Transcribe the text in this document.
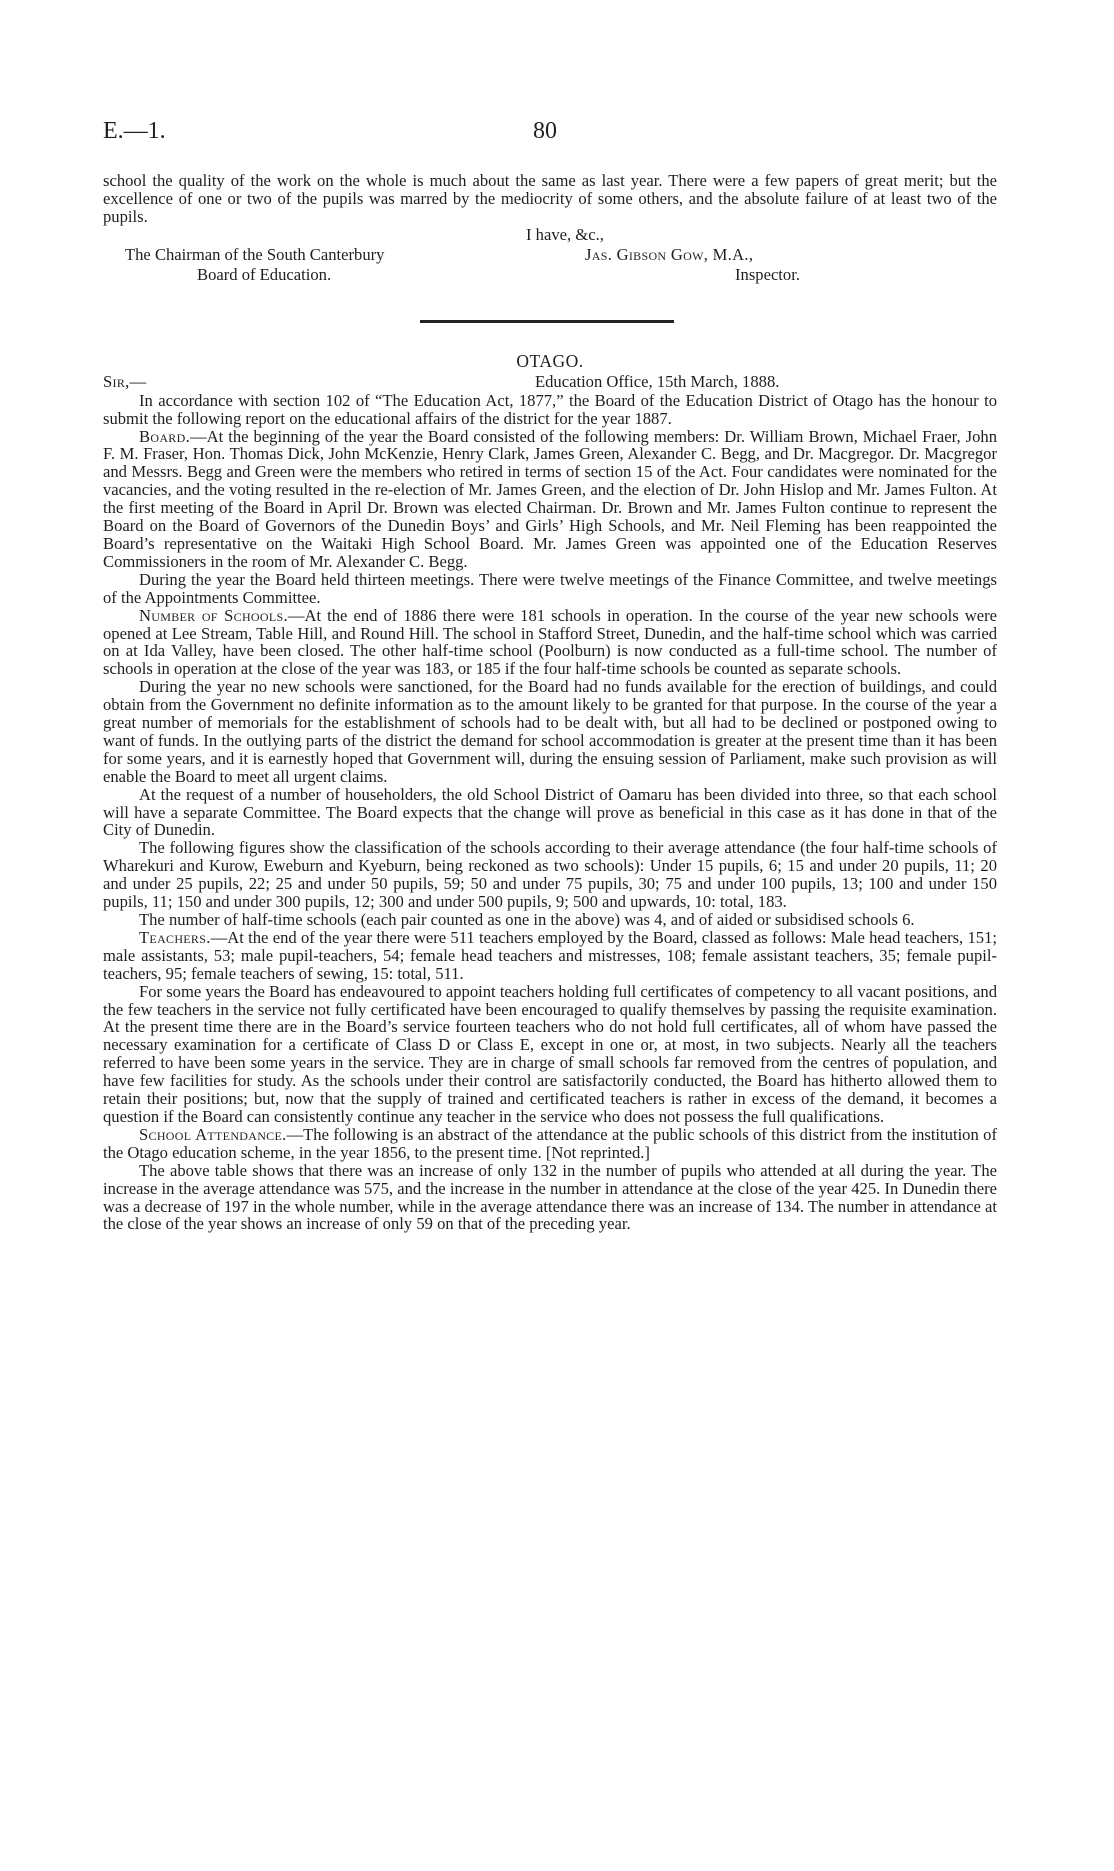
E.—1.	80

school the quality of the work on the whole is much about the same as last year. There were a few papers of great merit; but the excellence of one or two of the pupils was marred by the mediocrity of some others, and the absolute failure of at least two of the pupils.

I have, &c.,
The Chairman of the South Canterbury
Board of Education.
Jas. Gibson Gow, M.A.,
Inspector.
OTAGO.
Sir,—	Education Office, 15th March, 1888.

In accordance with section 102 of “The Education Act, 1877,” the Board of the Education District of Otago has the honour to submit the following report on the educational affairs of the district for the year 1887.

Board.—At the beginning of the year the Board consisted of the following members: Dr. William Brown, Michael Fraer, John F. M. Fraser, Hon. Thomas Dick, John McKenzie, Henry Clark, James Green, Alexander C. Begg, and Dr. Macgregor. Dr. Macgregor and Messrs. Begg and Green were the members who retired in terms of section 15 of the Act. Four candidates were nominated for the vacancies, and the voting resulted in the re-election of Mr. James Green, and the election of Dr. John Hislop and Mr. James Fulton. At the first meeting of the Board in April Dr. Brown was elected Chairman. Dr. Brown and Mr. James Fulton continue to represent the Board on the Board of Governors of the Dunedin Boys’ and Girls’ High Schools, and Mr. Neil Fleming has been reappointed the Board’s representative on the Waitaki High School Board. Mr. James Green was appointed one of the Education Reserves Commissioners in the room of Mr. Alexander C. Begg.

During the year the Board held thirteen meetings. There were twelve meetings of the Finance Committee, and twelve meetings of the Appointments Committee.

Number of Schools.—At the end of 1886 there were 181 schools in operation. In the course of the year new schools were opened at Lee Stream, Table Hill, and Round Hill. The school in Stafford Street, Dunedin, and the half-time school which was carried on at Ida Valley, have been closed. The other half-time school (Poolburn) is now conducted as a full-time school. The number of schools in operation at the close of the year was 183, or 185 if the four half-time schools be counted as separate schools.

During the year no new schools were sanctioned, for the Board had no funds available for the erection of buildings, and could obtain from the Government no definite information as to the amount likely to be granted for that purpose. In the course of the year a great number of memorials for the establishment of schools had to be dealt with, but all had to be declined or postponed owing to want of funds. In the outlying parts of the district the demand for school accommodation is greater at the present time than it has been for some years, and it is earnestly hoped that Government will, during the ensuing session of Parliament, make such provision as will enable the Board to meet all urgent claims.

At the request of a number of householders, the old School District of Oamaru has been divided into three, so that each school will have a separate Committee. The Board expects that the change will prove as beneficial in this case as it has done in that of the City of Dunedin.

The following figures show the classification of the schools according to their average attendance (the four half-time schools of Wharekuri and Kurow, Eweburn and Kyeburn, being reckoned as two schools): Under 15 pupils, 6; 15 and under 20 pupils, 11; 20 and under 25 pupils, 22; 25 and under 50 pupils, 59; 50 and under 75 pupils, 30; 75 and under 100 pupils, 13; 100 and under 150 pupils, 11; 150 and under 300 pupils, 12; 300 and under 500 pupils, 9; 500 and upwards, 10: total, 183.

The number of half-time schools (each pair counted as one in the above) was 4, and of aided or subsidised schools 6.

Teachers.—At the end of the year there were 511 teachers employed by the Board, classed as follows: Male head teachers, 151; male assistants, 53; male pupil-teachers, 54; female head teachers and mistresses, 108; female assistant teachers, 35; female pupil-teachers, 95; female teachers of sewing, 15: total, 511.

For some years the Board has endeavoured to appoint teachers holding full certificates of competency to all vacant positions, and the few teachers in the service not fully certificated have been encouraged to qualify themselves by passing the requisite examination. At the present time there are in the Board’s service fourteen teachers who do not hold full certificates, all of whom have passed the necessary examination for a certificate of Class D or Class E, except in one or, at most, in two subjects. Nearly all the teachers referred to have been some years in the service. They are in charge of small schools far removed from the centres of population, and have few facilities for study. As the schools under their control are satisfactorily conducted, the Board has hitherto allowed them to retain their positions; but, now that the supply of trained and certificated teachers is rather in excess of the demand, it becomes a question if the Board can consistently continue any teacher in the service who does not possess the full qualifications.

School Attendance.—The following is an abstract of the attendance at the public schools of this district from the institution of the Otago education scheme, in the year 1856, to the present time. [Not reprinted.]

The above table shows that there was an increase of only 132 in the number of pupils who attended at all during the year. The increase in the average attendance was 575, and the increase in the number in attendance at the close of the year 425. In Dunedin there was a decrease of 197 in the whole number, while in the average attendance there was an increase of 134. The number in attendance at the close of the year shows an increase of only 59 on that of the preceding year.
